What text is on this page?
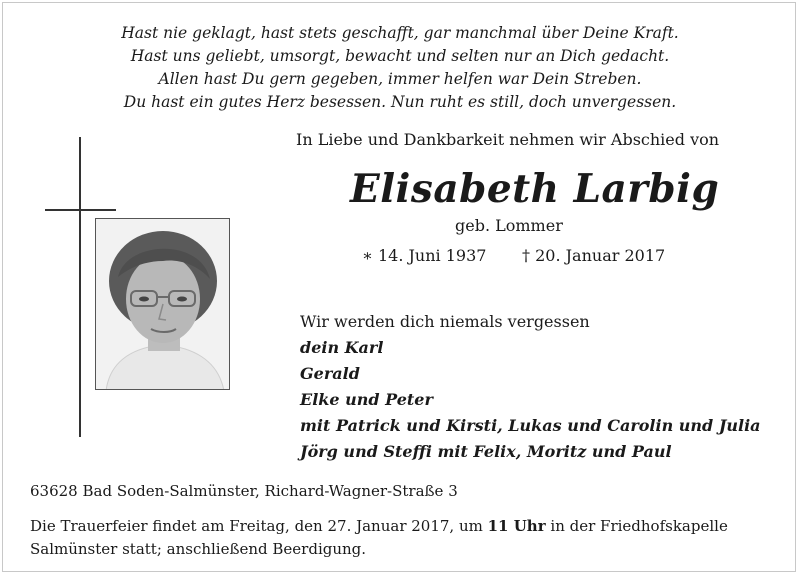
Hast nie geklagt, hast stets geschafft, gar manchmal über Deine Kraft.
Hast uns geliebt, umsorgt, bewacht und selten nur an Dich gedacht.
Allen hast Du gern gegeben, immer helfen war Dein Streben.
Du hast ein gutes Herz besessen. Nun ruht es still, doch unvergessen.
In Liebe und Dankbarkeit nehmen wir Abschied von
Elisabeth Larbig
geb. Lommer
∗ 14. Juni 1937 † 20. Januar 2017
Wir werden dich niemals vergessen
dein Karl
Gerald
Elke und Peter
mit Patrick und Kirsti, Lukas und Carolin und Julia
Jörg und Steffi mit Felix, Moritz und Paul
63628 Bad Soden-Salmünster, Richard-Wagner-Straße 3
Die Trauerfeier findet am Freitag, den 27. Januar 2017, um 11 Uhr in der Friedhofskapelle
Salmünster statt; anschließend Beerdigung.
